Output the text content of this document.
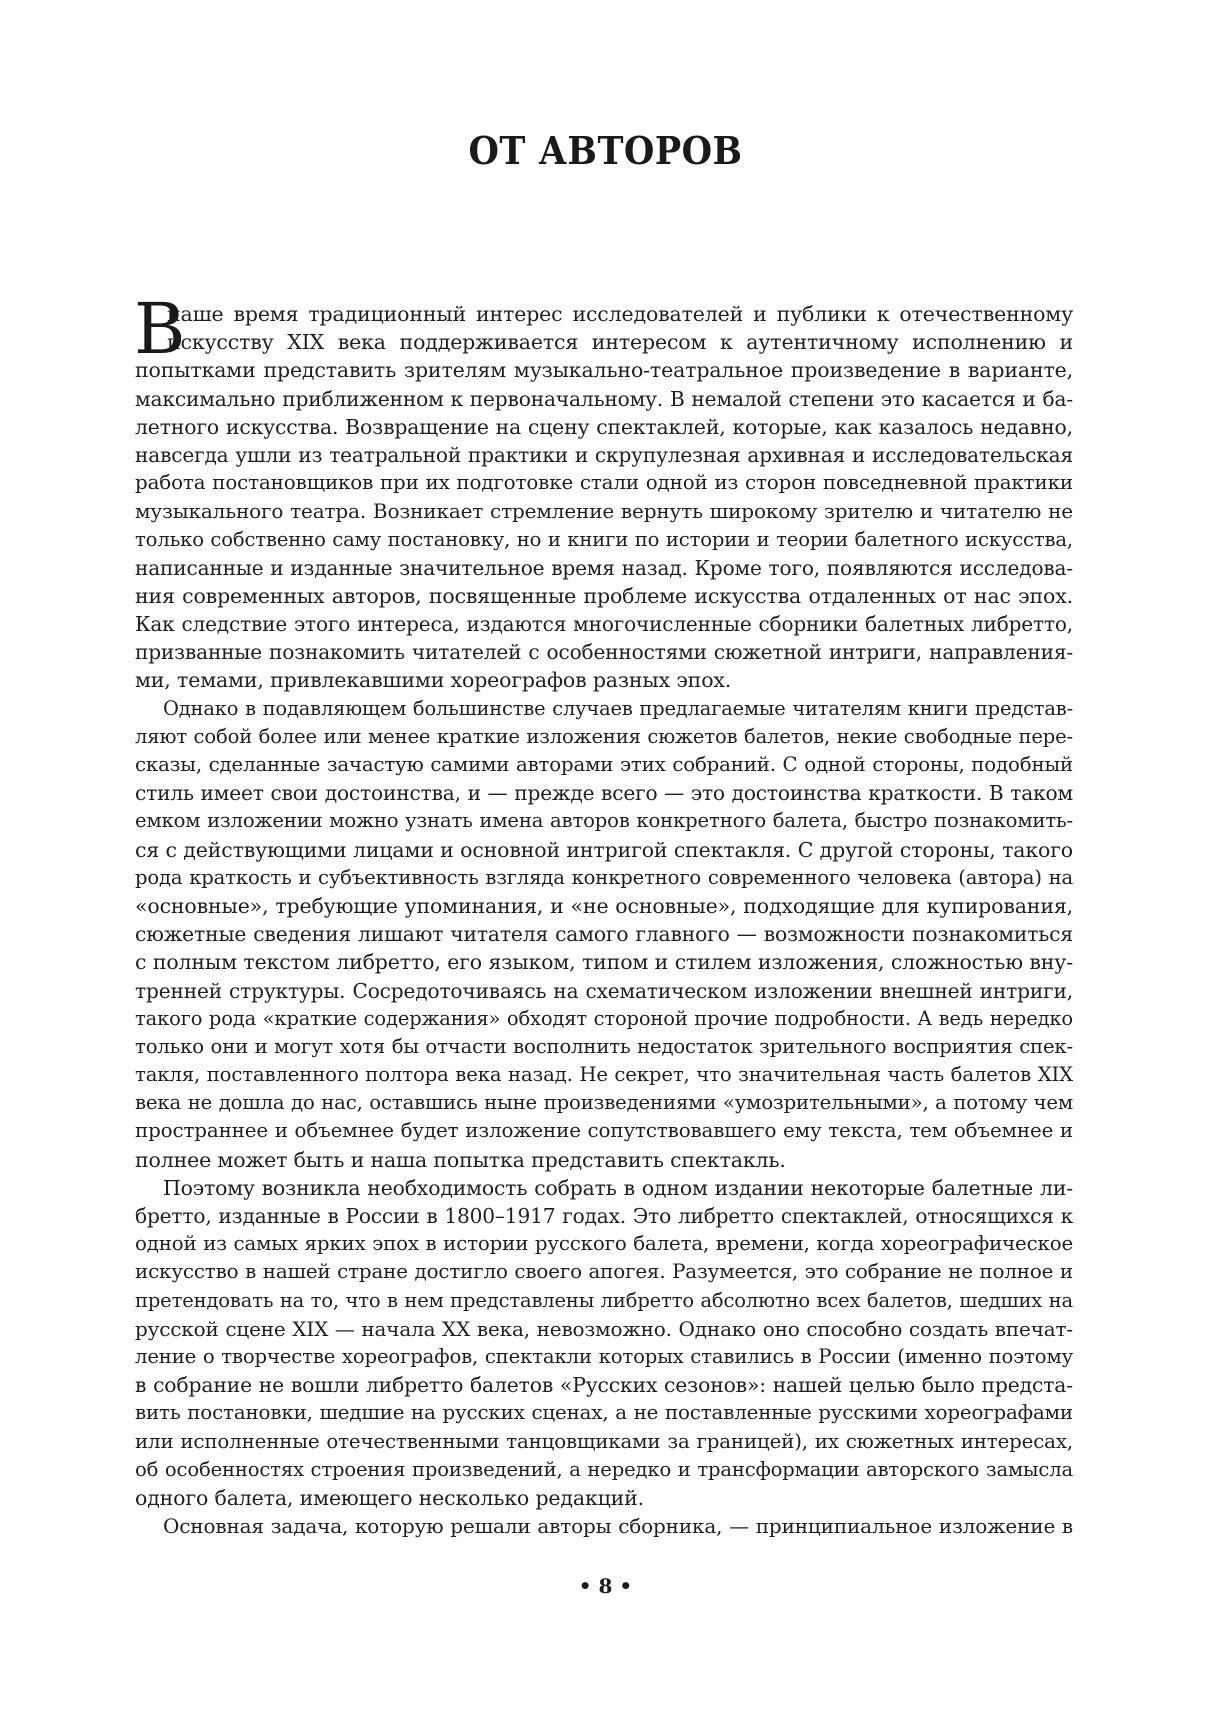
ОТ АВТОРОВ
В
наше время традиционный интерес исследователей и публики к отечественному
искусству XIX века поддерживается интересом к аутентичному исполнению и
попытками представить зрителям музыкально-театральное произведение в варианте,
максимально приближенном к первоначальному. В немалой степени это касается и ба-
летного искусства. Возвращение на сцену спектаклей, которые, как казалось недавно,
навсегда ушли из театральной практики и скрупулезная архивная и исследовательская
работа постановщиков при их подготовке стали одной из сторон повседневной практики
музыкального театра. Возникает стремление вернуть широкому зрителю и читателю не
только собственно саму постановку, но и книги по истории и теории балетного искусства,
написанные и изданные значительное время назад. Кроме того, появляются исследова-
ния современных авторов, посвященные проблеме искусства отдаленных от нас эпох.
Как следствие этого интереса, издаются многочисленные сборники балетных либретто,
призванные познакомить читателей с особенностями сюжетной интриги, направления-
ми, темами, привлекавшими хореографов разных эпох.
Однако в подавляющем большинстве случаев предлагаемые читателям книги представ-
ляют собой более или менее краткие изложения сюжетов балетов, некие свободные пере-
сказы, сделанные зачастую самими авторами этих собраний. С одной стороны, подобный
стиль имеет свои достоинства, и — прежде всего — это достоинства краткости. В таком
емком изложении можно узнать имена авторов конкретного балета, быстро познакомить-
ся с действующими лицами и основной интригой спектакля. С другой стороны, такого
рода краткость и субъективность взгляда конкретного современного человека (автора) на
«основные», требующие упоминания, и «не основные», подходящие для купирования,
сюжетные сведения лишают читателя самого главного — возможности познакомиться
с полным текстом либретто, его языком, типом и стилем изложения, сложностью вну-
тренней структуры. Сосредоточиваясь на схематическом изложении внешней интриги,
такого рода «краткие содержания» обходят стороной прочие подробности. А ведь нередко
только они и могут хотя бы отчасти восполнить недостаток зрительного восприятия спек-
такля, поставленного полтора века назад. Не секрет, что значительная часть балетов XIX
века не дошла до нас, оставшись ныне произведениями «умозрительными», а потому чем
пространнее и объемнее будет изложение сопутствовавшего ему текста, тем объемнее и
полнее может быть и наша попытка представить спектакль.
Поэтому возникла необходимость собрать в одном издании некоторые балетные ли-
бретто, изданные в России в 1800–1917 годах. Это либретто спектаклей, относящихся к
одной из самых ярких эпох в истории русского балета, времени, когда хореографическое
искусство в нашей стране достигло своего апогея. Разумеется, это собрание не полное и
претендовать на то, что в нем представлены либретто абсолютно всех балетов, шедших на
русской сцене XIX — начала XX века, невозможно. Однако оно способно создать впечат-
ление о творчестве хореографов, спектакли которых ставились в России (именно поэтому
в собрание не вошли либретто балетов «Русских сезонов»: нашей целью было предста-
вить постановки, шедшие на русских сценах, а не поставленные русскими хореографами
или исполненные отечественными танцовщиками за границей), их сюжетных интересах,
об особенностях строения произведений, а нередко и трансформации авторского замысла
одного балета, имеющего несколько редакций.
Основная задача, которую решали авторы сборника, — принципиальное изложение в
• 8 •
